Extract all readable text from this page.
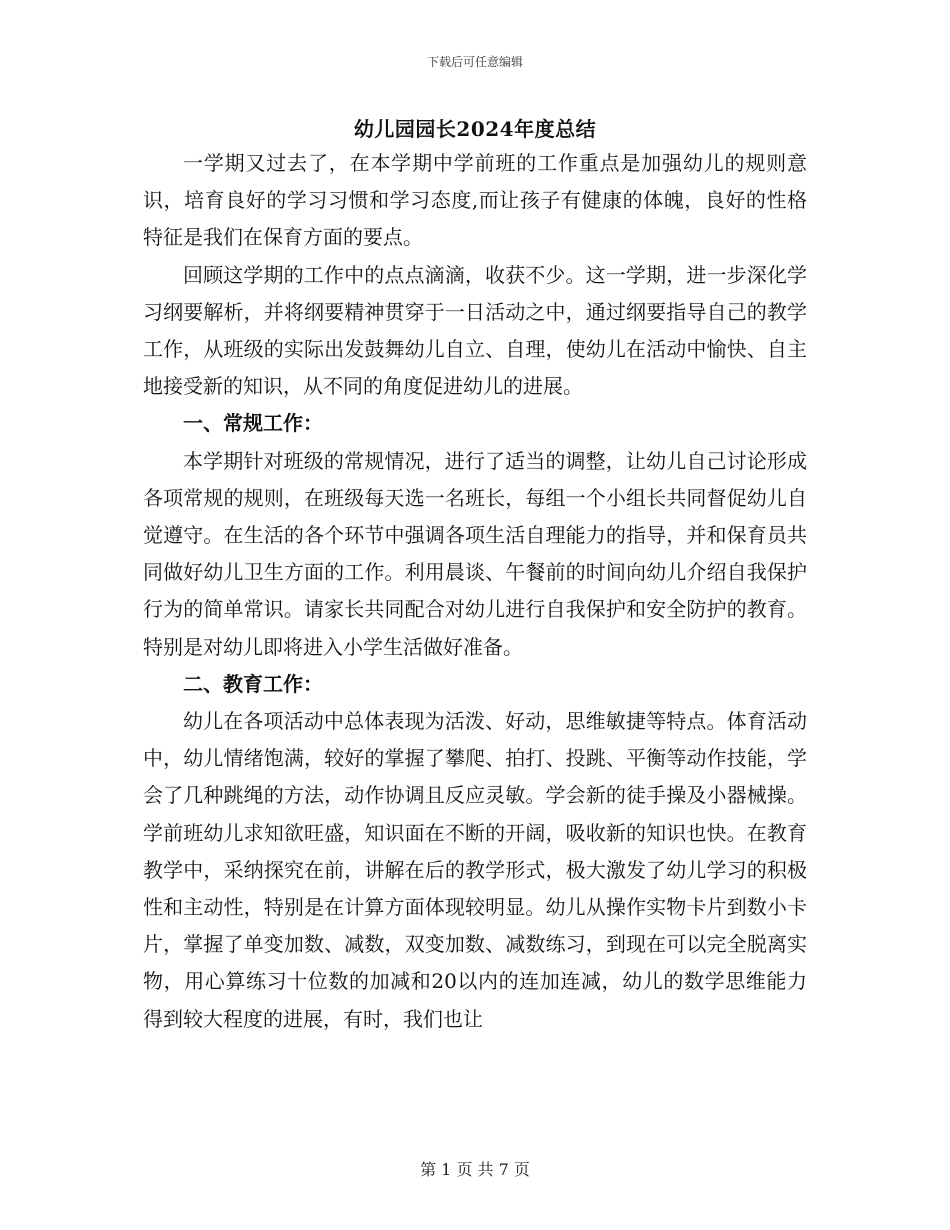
下载后可任意编辑
幼儿园园长2024年度总结

一学期又过去了，在本学期中学前班的工作重点是加强幼儿的规则意识，培育良好的学习习惯和学习态度,而让孩子有健康的体魄，良好的性格特征是我们在保育方面的要点。

回顾这学期的工作中的点点滴滴，收获不少。这一学期，进一步深化学习纲要解析，并将纲要精神贯穿于一日活动之中，通过纲要指导自己的教学工作，从班级的实际出发鼓舞幼儿自立、自理，使幼儿在活动中愉快、自主地接受新的知识，从不同的角度促进幼儿的进展。

一、常规工作：

本学期针对班级的常规情况，进行了适当的调整，让幼儿自己讨论形成各项常规的规则，在班级每天选一名班长，每组一个小组长共同督促幼儿自觉遵守。在生活的各个环节中强调各项生活自理能力的指导，并和保育员共同做好幼儿卫生方面的工作。利用晨谈、午餐前的时间向幼儿介绍自我保护行为的简单常识。请家长共同配合对幼儿进行自我保护和安全防护的教育。特别是对幼儿即将进入小学生活做好准备。

二、教育工作：

幼儿在各项活动中总体表现为活泼、好动，思维敏捷等特点。体育活动中，幼儿情绪饱满，较好的掌握了攀爬、拍打、投跳、平衡等动作技能，学会了几种跳绳的方法，动作协调且反应灵敏。学会新的徒手操及小器械操。学前班幼儿求知欲旺盛，知识面在不断的开阔，吸收新的知识也快。在教育教学中，采纳探究在前，讲解在后的教学形式，极大激发了幼儿学习的积极性和主动性，特别是在计算方面体现较明显。幼儿从操作实物卡片到数小卡片，掌握了单变加数、减数，双变加数、减数练习，到现在可以完全脱离实物，用心算练习十位数的加减和20以内的连加连减，幼儿的数学思维能力得到较大程度的进展，有时，我们也让

第 1 页 共 7 页
